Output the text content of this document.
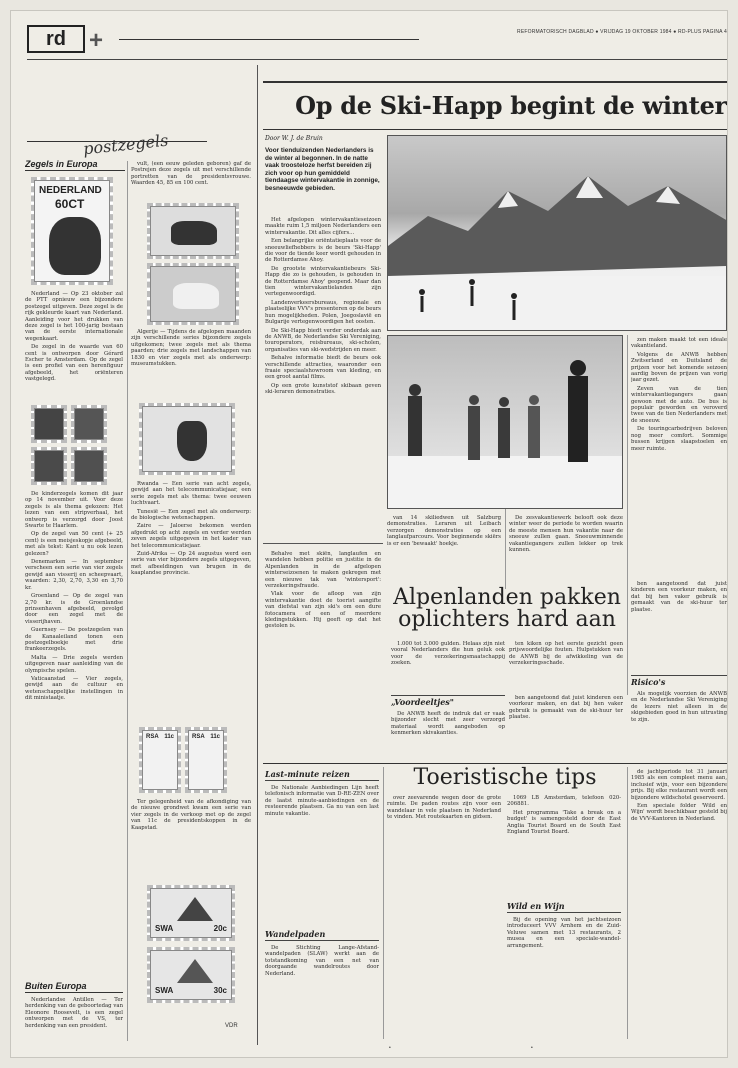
rd +	REFORMATORISCH DAGBLAD ● VRIJDAG 19 OKTOBER 1984 ● RD-PLUS PAGINA 4
postzegels
Zegels in Europa
NEDERLAND
60CT

Nederland — Op 23 oktober zal de PTT opnieuw een bijzondere postzegel uitgeven. Deze zegel is de rijk gekleurde kaart van Nederland. Aanleiding voor het drukken van deze zegel is het 100-jarig bestaan van de eerste internationale wegenkaart.

De zegel in de waarde van 60 cent is ontworpen door Gérard Escher te Amsterdam. Op de zegel is een profiel van een herenfiguur afgebeeld, het oriënteren vastgelegd.

De kinderzegels komen dit jaar op 14 november uit. Voor deze zegels is als thema gekozen: Het lezen van een stripverhaal, het ontwerp is verzorgd door Joost Swarte te Haarlem.

Op de zegel van 50 cent (+ 25 cent) is een meisjeskopje afgebeeld, met als tekst: Kant u nu ook lezen gelezen?

Denemarken — In september verscheen een serie van vier zegels gewijd aan visserij en scheepvaart, waarden: 2,30, 2,70, 3,30 en 3,70 kr.

Groenland — Op de zegel van 2,70 kr. is de Groenlandse prinsenhaven afgebeeld, gevolgd door een zegel met de visserijhaven.

Guernsey — De postzegelen van de Kanaaleiland tonen een postzegelboekje met drie frankeerzegels.

Malta — Drie zegels werden uitgegeven naar aanleiding van de olympische spelen.

Vaticaanstad — Vier zegels, gewijd aan de cultuur en wetenschappelijke instellingen in dit ministaatje.

Buiten Europa

Nederlandse Antillen — Ter herdenking van de geboortedag van Eleonore Roosevelt, is een zegel ontworpen met de VS, ter herdenking van een president.

vult, (een eeuw geleden geboren) gaf de Postrejen deze zegels uit met verschillende portretten van de presidentsvrouwe. Waarden 45, 85 en 100 cent.

Algerije — Tijdens de afgelopen maanden zijn verschillende series bijzondere zegels uitgekomen; twee zegels met als thema paarden; drie zegels met landschappen van 1830 en vier zegels met als onderwerp: museumstukken.

Rwanda — Een serie van acht zegels, gewijd aan het telecommunicatiejaar, een serie zegels met als thema: twee eeuwen luchtvaart.

Tunesië — Een zegel met als onderwerp: de biologische wetenschappen.

Zaire — Jaloerse bekomen werden afgedrukt op acht zegels en verder werden zeven zegels uitgegeven in het kader van het telecommunicatiejaar.

Zuid-Afrika — Op 24 augustus werd een serie van vier bijzondere zegels uitgegeven, met afbeeldingen van brugen in de kaaplandse provincie.

RSA 11c	RSA 11c

Ter gelegenheid van de afkondiging van de nieuwe grondwet kwam een serie van vier zegels in de verkoop met op de zegel van 11c de presidentskoppen in de Kaapstad.

SWA	20c
SWA	30c
VDR
Op de Ski-Happ begint de winter
Door W. J. de Bruin
Voor tienduizenden Nederlanders is de winter al begonnen. In de natte vaak troosteloze herfst bereiden zij zich voor op hun gemiddeld tiendaagse wintervakantie in zonnige, besneeuwde gebieden.

Het afgelopen wintervakantieseizoen maakte ruim 1,5 miljoen Nederlanders een wintervakantie. Dit alles cijfers...

Een belangrijke oriëntatieplaats voor de sneeuwliefhebbers is de beurs 'Ski-Happ' die voor de tiende keer wordt gehouden in de Rotterdamse Ahoy.

De grootste wintervakantiebeurs Ski-Happ die zo is gehouden, is gehouden in de Rotterdamse Ahoy' geopend. Maar dan tien wintervakantielanden zijn vertegenwoordigd.

Landenverkeersbureaus, regionale en plaatselijke VVV's presenteren op de beurs hun mogelijkheden. Polen, Joegoslavië en Bulgarije vertegenwoordigen het oosten.

De Ski-Happ biedt verder onderdak aan de ANWB, de Nederlandse Ski Vereniging, touroperators, reisbureaus, ski-scholen, organisaties van ski-wedstrijden en meer.

Behalve informatie biedt de beurs ook verschillende attracties, waaronder een fraaie speciaalshowroom van kleding, en een groot aantal films.

Op een grote kunststof skibaan geven ski-leraren demonstraties.

van 14 skiliedwen uit Salzburg demonstraties. Leraren uit Leibach verzorgen demonstraties op een langlaufparcours. Voor beginnende skiërs is er een 'bewaakt' hoekje.

De zesvakantiewerk belooft ook deze winter weer de periode te worden waarin de meeste mensen hun vakantie naar de sneeuw zullen gaan. Sneeuwminnende vakantiegangers zullen lekker op trek kunnen.

zen maken maakt tot een ideale vakantieland.

Volgens de ANWB hebben Zwitserland en Duitsland de prijzen voor het komende seizoen aardig boven de prijzen van vorig jaar gezet.

Zeven van de tien wintervakantiegangers gaan gewoon met de auto. De bus is populair geworden en veroverd twee van de tien Nederlanders met de sneeuw.

De touringcarbedrijven beloven nog meer comfort. Sommige bussen krijgen slaapstoelen en meer ruimte.

Behalve met skiën, langlaufen en wandelen hebben politie en justitie in de Alpenlanden in de afgelopen winterseizoenen te maken gekregen met een nieuwe tak van 'wintersport': verzekeringsfraude.

Vlak voor de afloop van zijn wintervakantie doet de toerist aangifte van diefstal van zijn ski's om een dure fotocamera of een of meerdere kledingstukken. Hij geeft op dat het gestolen is.

Alpenlanden pakken oplichters hard aan

1.000 tot 3.000 gulden. Helaas zijn niet vooral Nederlanders die hun geluk ook voor de verzekeringsmaatschappij zoeken.

ten kiken op het eerste gezicht geen prijswoordelijke fouten. Hulpstukken van de ANWB bij de afwikkeling van de verzekeringsschade.

„Voordeeltjes"

De ANWB heeft de indruk dat er vaak bijzonder slecht met zeer verzorgd materiaal wordt aangeboden op kenmerken skivakanties.

ben aangetoond dat juist kinderen een voorkeur maken, en dat bij hen vaker gebruik is gemaakt van de ski-huur ter plaatse.

ben aangetoond dat juist kinderen een voorkeur maken, en dat bij hen vaker gebruik is gemaakt van de ski-huur ter plaatse.

Risico's

Als mogelijk voorzien de ANWB en de Nederlandse Ski Vereniging de lezers niet alleen in de skigebieden goed in hun uitrusting te zijn.

Last-minute reizen

De Nationale Aanbiedingen Lijn heeft telefonisch informatie van D-RE-ZEN over de laatst minute-aanbiedingen en de resteerende plaatsen. Ga nu van een last minute vakantie.

Wandelpaden

De Stichting Lange-Afstand-wandelpaden (SLAW) werkt aan de totstandkoming van een net van doorgaande wandelroutes door Nederland.

Toeristische tips

over zeevarende wegen door de grote ruimte. De paden routes zijn voor een wandelaar in vele plaatsen in Nederland te vinden. Met routekaarten en gidsen.

1069 LB Amsterdam, telefoon 020-206881.

Het programma 'Take a break on a budget' is samengesteld door de East Anglia Tourist Board en de South East England Tourist Board.

Wild en Wijn

Bij de opening van het jachtseizoen introduceert VVV Arnhem en de Zuid-Veluwe samen met 13 restaurants, 2 musea en een speciale-wandel-arrangement.

de jachtperiode tot 31 januari 1985 als een compleet menu aan, inclusief wijn, voor een bijzondere prijs. Bij elke restaurant wordt een bijzondere wildschotel geserveerd.

Een speciale folder 'Wild en Wijn' wordt beschikbaar gesteld bij de VVV-Kantoren in Nederland.

•	•
